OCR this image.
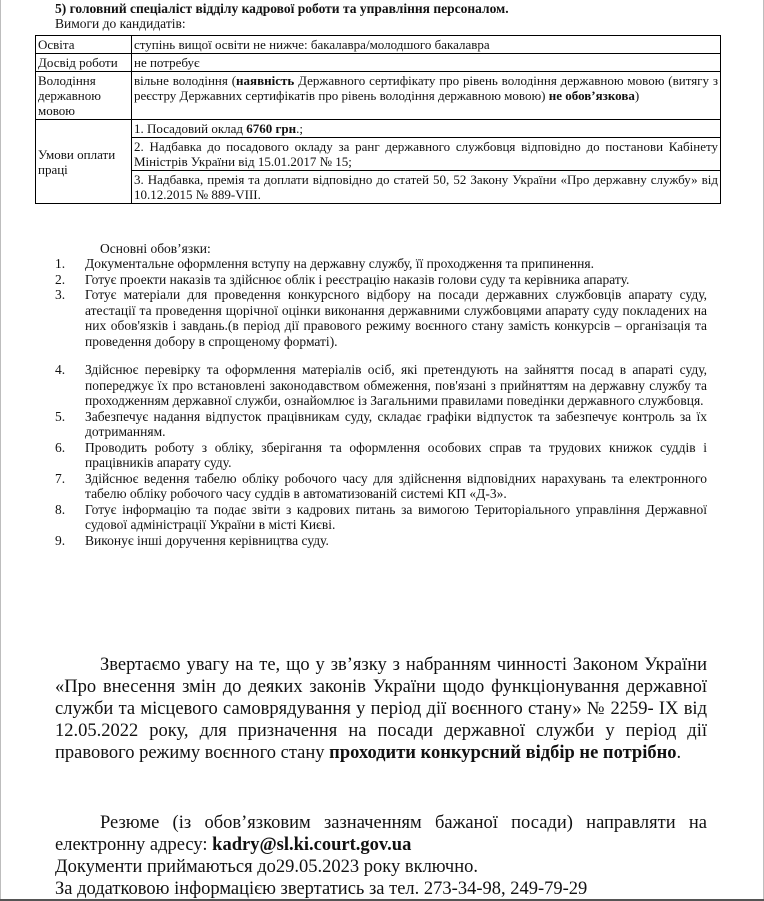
5) головний спеціаліст відділу кадрової роботи та управління персоналом.
Вимоги до кандидатів:
Освіта	ступінь вищої освіти не нижче: бакалавра/молодшого бакалавра
Досвід роботи	не потребує
Володіння державною мовою	вільне володіння (наявність Державного сертифікату про рівень володіння державною мовою (витягу з реєстру Державних сертифікатів про рівень володіння державною мовою) не обов’язкова)
Умови оплати праці	1. Посадовий оклад 6760 грн.;
2. Надбавка до посадового окладу за ранг державного службовця відповідно до постанови Кабінету Міністрів України від 15.01.2017 № 15;
3. Надбавка, премія та доплати відповідно до статей 50, 52 Закону України «Про державну службу» від 10.12.2015 № 889-VIII.
Основні обов’язки:
1.	Документальне оформлення вступу на державну службу, її проходження та припинення.
2.	Готує проекти наказів та здійснює облік і реєстрацію наказів голови суду та керівника апарату.
3.	Готує матеріали для проведення конкурсного відбору на посади державних службовців апарату суду, атестації та проведення щорічної оцінки виконання державними службовцями апарату суду покладених на них обов'язків і завдань.(в період дії правового режиму воєнного стану замість конкурсів – організація та проведення добору в спрощеному форматі).
4.	Здійснює перевірку та оформлення матеріалів осіб, які претендують на зайняття посад в апараті суду, попереджує їх про встановлені законодавством обмеження, пов'язані з прийняттям на державну службу та проходженням державної служби, ознайомлює із Загальними правилами поведінки державного службовця.
5.	Забезпечує надання відпусток працівникам суду, складає графіки відпусток та забезпечує контроль за їх дотриманням.
6.	Проводить роботу з обліку, зберігання та оформлення особових справ та трудових книжок суддів і працівників апарату суду.
7.	Здійснює ведення табелю обліку робочого часу для здійснення відповідних нарахувань та електронного табелю обліку робочого часу суддів в автоматизованій системі КП «Д-3».
8.	Готує інформацію та подає звіти з кадрових питань за вимогою Територіального управління Державної судової адміністрації України в місті Києві.
9.	Виконує інші доручення керівництва суду.
Звертаємо увагу на те, що у зв’язку з набранням чинності Законом України «Про внесення змін до деяких законів України щодо функціонування державної служби та місцевого самоврядування у період дії воєнного стану» № 2259- IX від 12.05.2022 року, для призначення на посади державної служби у період дії правового режиму воєнного стану проходити конкурсний відбір не потрібно.
Резюме (із обов’язковим зазначенням бажаної посади) направляти на електронну адресу: kadry@sl.ki.court.gov.ua
Документи приймаються до29.05.2023 року включно.
За додатковою інформацією звертатись за тел. 273-34-98, 249-79-29
